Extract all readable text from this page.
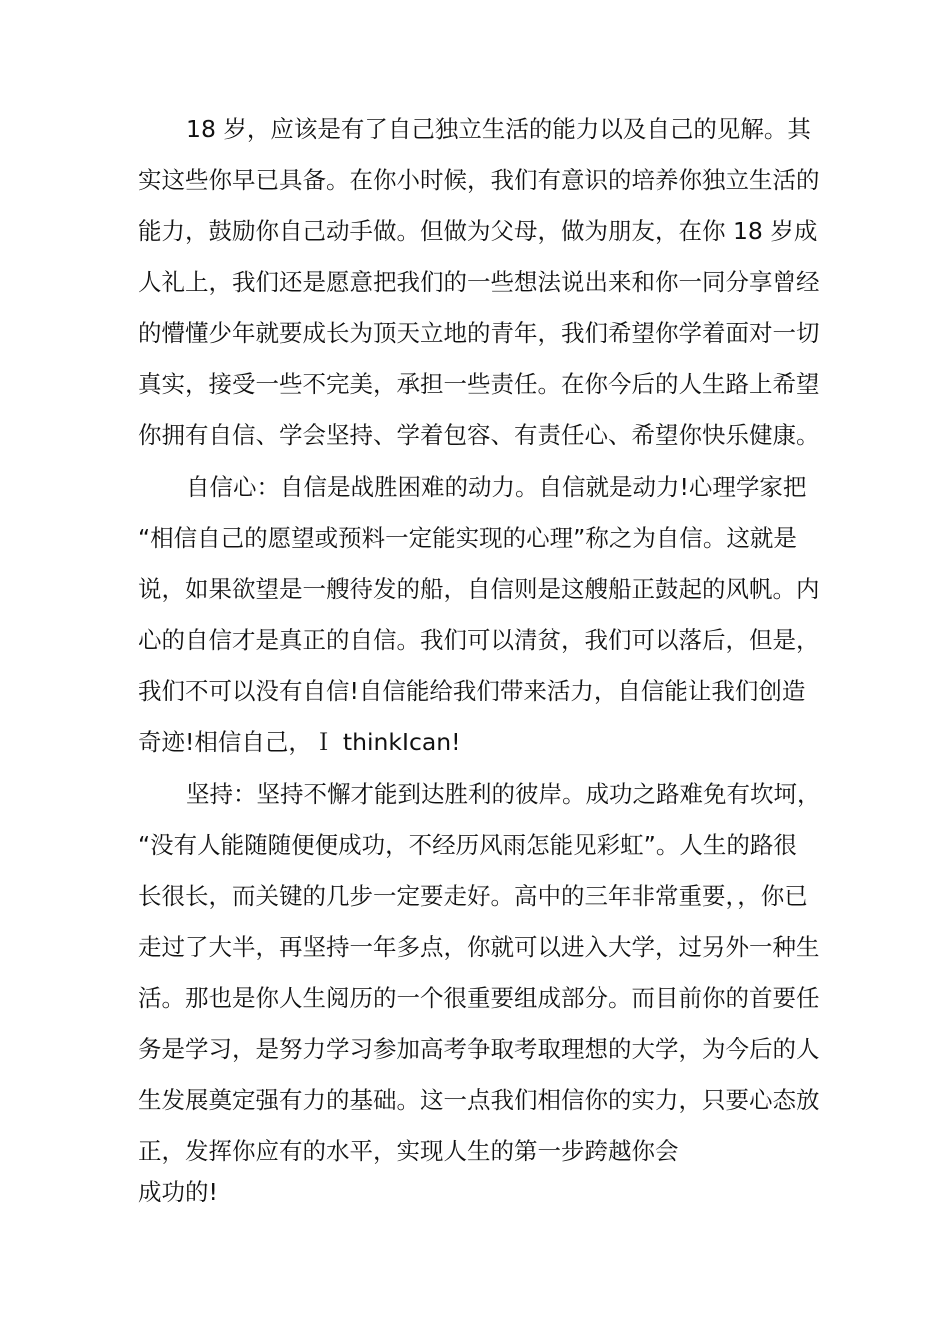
18 岁，应该是有了自己独立生活的能力以及自己的见解。其
实这些你早已具备。在你小时候，我们有意识的培养你独立生活的
能力，鼓励你自己动手做。但做为父母，做为朋友，在你 18 岁成
人礼上，我们还是愿意把我们的一些想法说出来和你一同分享曾经
的懵懂少年就要成长为顶天立地的青年，我们希望你学着面对一切
真实，接受一些不完美，承担一些责任。在你今后的人生路上希望
你拥有自信、学会坚持、学着包容、有责任心、希望你快乐健康。
自信心：自信是战胜困难的动力。自信就是动力!心理学家把
“相信自己的愿望或预料一定能实现的心理”称之为自信。这就是
说，如果欲望是一艘待发的船，自信则是这艘船正鼓起的风帆。内
心的自信才是真正的自信。我们可以清贫，我们可以落后，但是，
我们不可以没有自信!自信能给我们带来活力，自信能让我们创造
奇迹!相信自己，Ｉ thinkIcan!
坚持：坚持不懈才能到达胜利的彼岸。成功之路难免有坎坷，
“没有人能随随便便成功，不经历风雨怎能见彩虹”。人生的路很
长很长，而关键的几步一定要走好。高中的三年非常重要，，你已
走过了大半，再坚持一年多点，你就可以进入大学，过另外一种生
活。那也是你人生阅历的一个很重要组成部分。而目前你的首要任
务是学习，是努力学习参加高考争取考取理想的大学，为今后的人
生发展奠定强有力的基础。这一点我们相信你的实力，只要心态放
正，发挥你应有的水平，实现人生的第一步跨越你会
成功的!
